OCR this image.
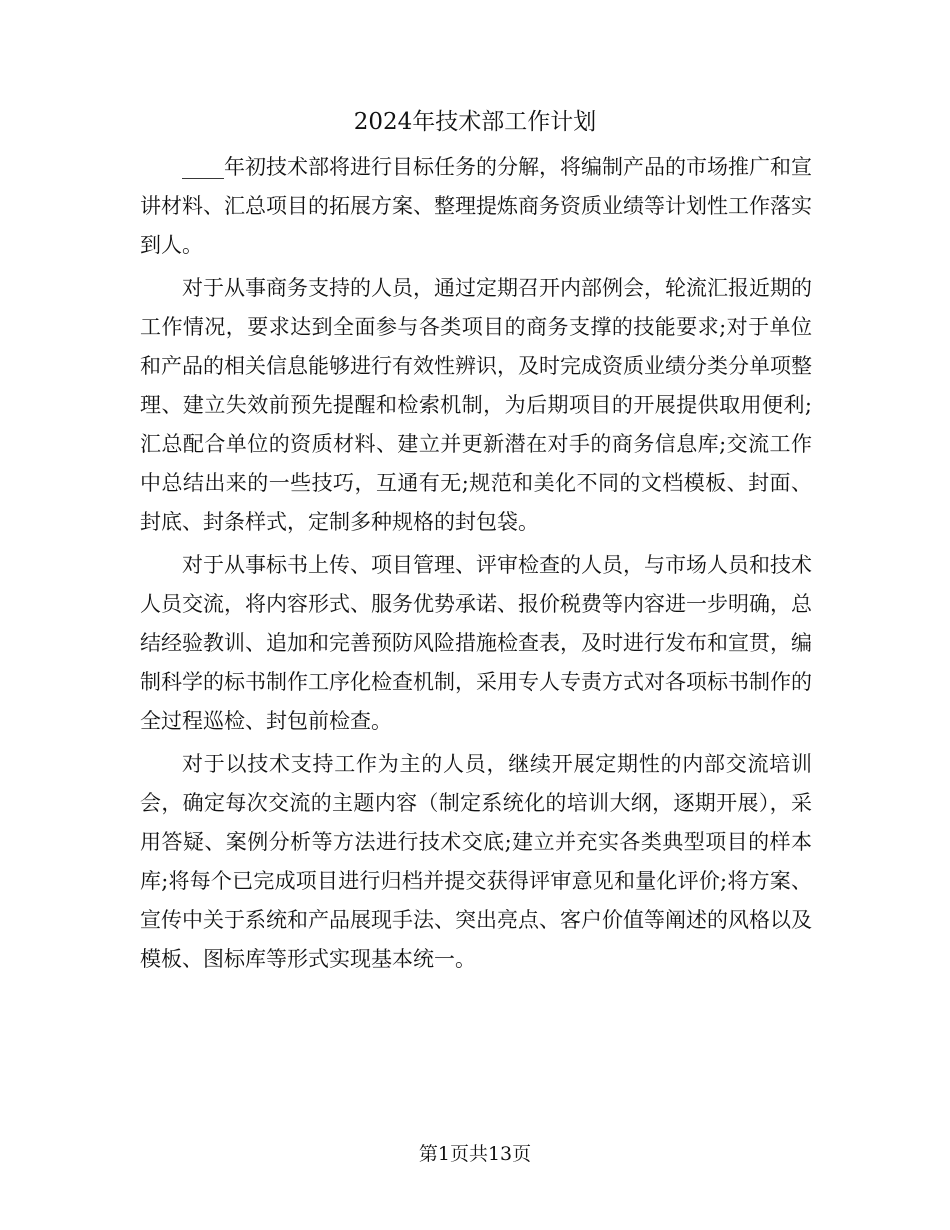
2024年技术部工作计划

____年初技术部将进行目标任务的分解，将编制产品的市场推广和宣讲材料、汇总项目的拓展方案、整理提炼商务资质业绩等计划性工作落实到人。

对于从事商务支持的人员，通过定期召开内部例会，轮流汇报近期的工作情况，要求达到全面参与各类项目的商务支撑的技能要求;对于单位和产品的相关信息能够进行有效性辨识，及时完成资质业绩分类分单项整理、建立失效前预先提醒和检索机制，为后期项目的开展提供取用便利;汇总配合单位的资质材料、建立并更新潜在对手的商务信息库;交流工作中总结出来的一些技巧，互通有无;规范和美化不同的文档模板、封面、封底、封条样式，定制多种规格的封包袋。

对于从事标书上传、项目管理、评审检查的人员，与市场人员和技术人员交流，将内容形式、服务优势承诺、报价税费等内容进一步明确，总结经验教训、追加和完善预防风险措施检查表，及时进行发布和宣贯，编制科学的标书制作工序化检查机制，采用专人专责方式对各项标书制作的全过程巡检、封包前检查。

对于以技术支持工作为主的人员，继续开展定期性的内部交流培训会，确定每次交流的主题内容（制定系统化的培训大纲，逐期开展），采用答疑、案例分析等方法进行技术交底;建立并充实各类典型项目的样本库;将每个已完成项目进行归档并提交获得评审意见和量化评价;将方案、宣传中关于系统和产品展现手法、突出亮点、客户价值等阐述的风格以及模板、图标库等形式实现基本统一。

第1页共13页
